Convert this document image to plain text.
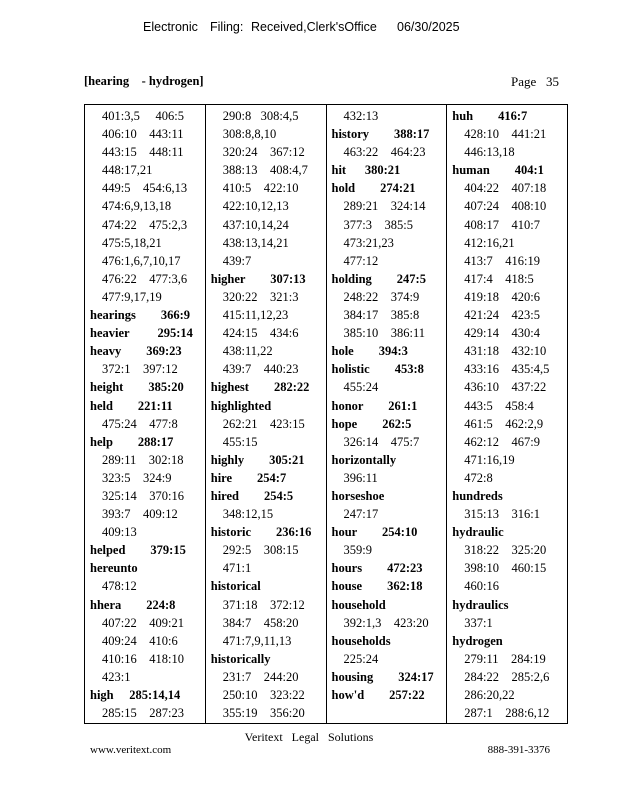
Electronic Filing: Received,Clerk'sOffice 06/30/2025
[hearing    - hydrogen]	Page   35
401:3,5     406:5
406:10    443:11
443:15    448:11
448:17,21
449:5    454:6,13
474:6,9,13,18
474:22    475:2,3
475:5,18,21
476:1,6,7,10,17
476:22    477:3,6
477:9,17,19
hearings        366:9
heavier         295:14
heavy        369:23
372:1    397:12
height        385:20
held        221:11
475:24    477:8
help        288:17
289:11    302:18
323:5    324:9
325:14    370:16
393:7    409:12
409:13
helped        379:15
hereunto
478:12
hhera        224:8
407:22    409:21
409:24    410:6
410:16    418:10
423:1
high     285:14,14
285:15    287:23
290:8   308:4,5
308:8,8,10
320:24    367:12
388:13    408:4,7
410:5    422:10
422:10,12,13
437:10,14,24
438:13,14,21
439:7
higher        307:13
320:22    321:3
415:11,12,23
424:15    434:6
438:11,22
439:7    440:23
highest        282:22
highlighted
262:21    423:15
455:15
highly        305:21
hire        254:7
hired        254:5
348:12,15
historic        236:16
292:5    308:15
471:1
historical
371:18    372:12
384:7    458:20
471:7,9,11,13
historically
231:7    244:20
250:10    323:22
355:19    356:20
432:13
history        388:17
463:22    464:23
hit      380:21
hold        274:21
289:21    324:14
377:3    385:5
473:21,23
477:12
holding        247:5
248:22    374:9
384:17    385:8
385:10    386:11
hole        394:3
holistic        453:8
455:24
honor        261:1
hope        262:5
326:14    475:7
horizontally
396:11
horseshoe
247:17
hour        254:10
359:9
hours        472:23
house        362:18
household
392:1,3    423:20
households
225:24
housing        324:17
how'd        257:22
huh        416:7
428:10    441:21
446:13,18
human        404:1
404:22    407:18
407:24    408:10
408:17    410:7
412:16,21
413:7    416:19
417:4    418:5
419:18    420:6
421:24    423:5
429:14    430:4
431:18    432:10
433:16    435:4,5
436:10    437:22
443:5    458:4
461:5    462:2,9
462:12    467:9
471:16,19
472:8
hundreds
315:13    316:1
hydraulic
318:22    325:20
398:10    460:15
460:16
hydraulics
337:1
hydrogen
279:11    284:19
284:22    285:2,6
286:20,22
287:1    288:6,12
Veritext   Legal   Solutions
www.veritext.com	888-391-3376
